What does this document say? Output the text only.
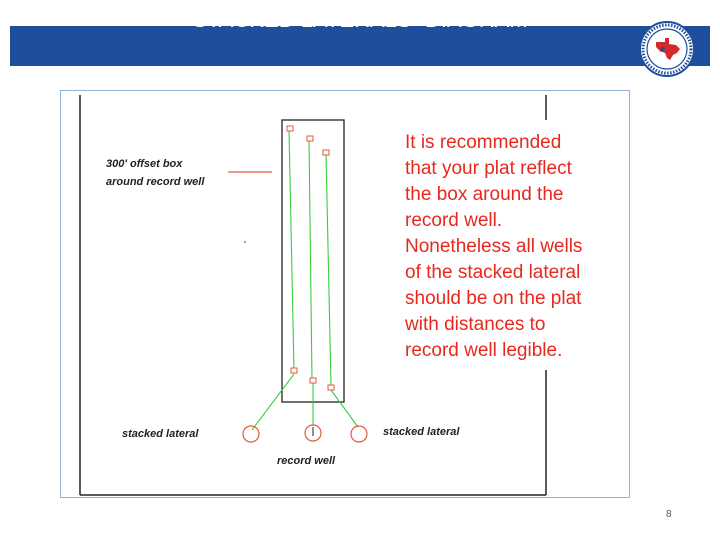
STACKED LATERALS- DIAGRAM
300' offset box
around record well
stacked lateral	stacked lateral
record well
It is recommended
that your plat reflect
the box around the
record well.
Nonetheless all wells
of the stacked lateral
should be on the plat
with distances to
record well legible.
8
